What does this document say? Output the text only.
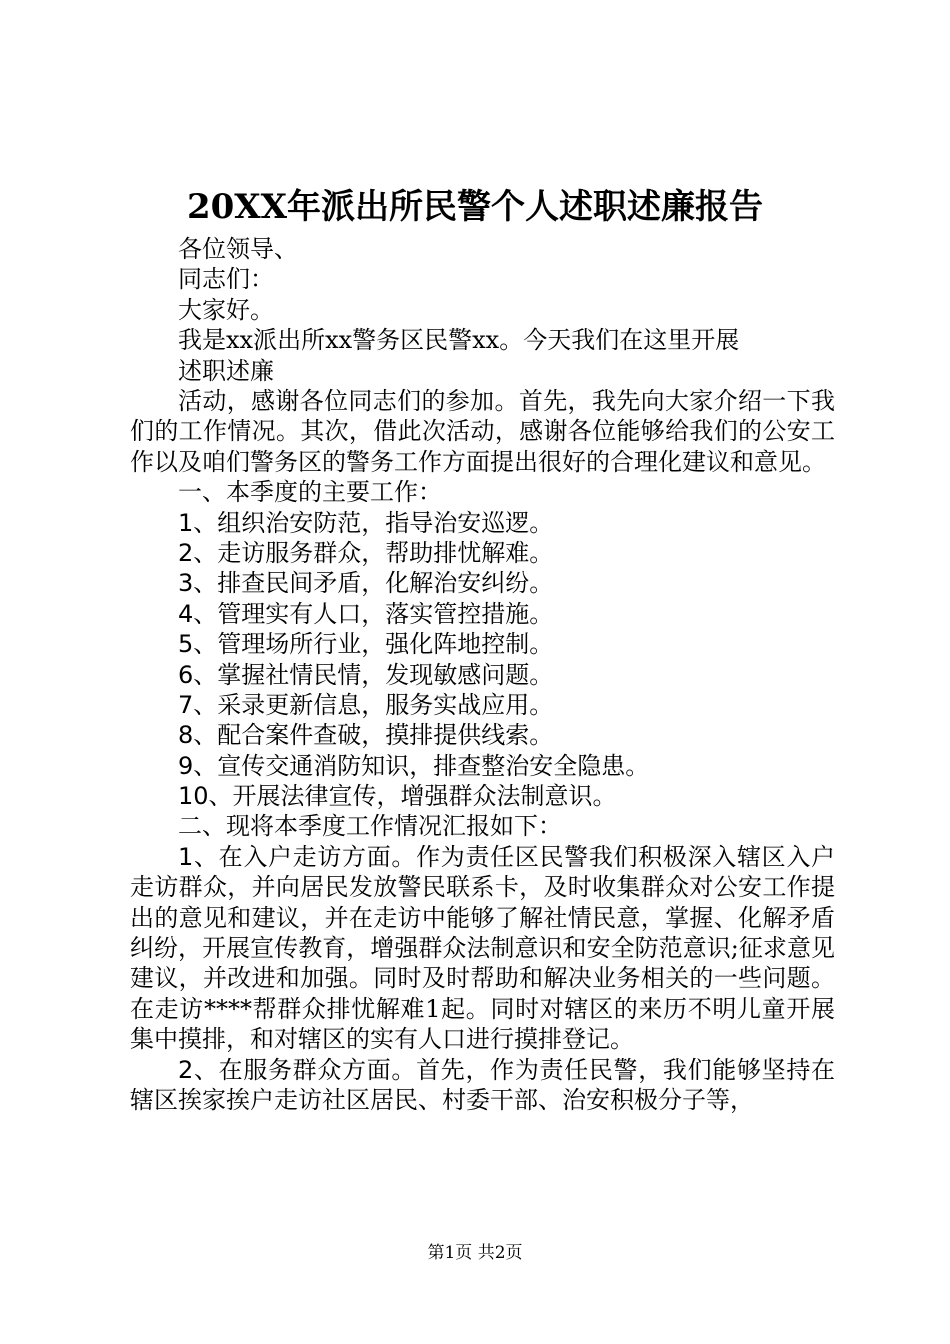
20XX年派出所民警个人述职述廉报告
各位领导、
同志们：
大家好。
我是xx派出所xx警务区民警xx。今天我们在这里开展
述职述廉
活动，感谢各位同志们的参加。首先，我先向大家介绍一下我们的工作情况。其次，借此次活动，感谢各位能够给我们的公安工作以及咱们警务区的警务工作方面提出很好的合理化建议和意见。
一、本季度的主要工作：
1、组织治安防范，指导治安巡逻。
2、走访服务群众，帮助排忧解难。
3、排查民间矛盾，化解治安纠纷。
4、管理实有人口，落实管控措施。
5、管理场所行业，强化阵地控制。
6、掌握社情民情，发现敏感问题。
7、采录更新信息，服务实战应用。
8、配合案件查破，摸排提供线索。
9、宣传交通消防知识，排查整治安全隐患。
10、开展法律宣传，增强群众法制意识。
二、现将本季度工作情况汇报如下：
1、在入户走访方面。作为责任区民警我们积极深入辖区入户走访群众，并向居民发放警民联系卡，及时收集群众对公安工作提出的意见和建议，并在走访中能够了解社情民意，掌握、化解矛盾纠纷，开展宣传教育，增强群众法制意识和安全防范意识;征求意见建议，并改进和加强。同时及时帮助和解决业务相关的一些问题。在走访****帮群众排忧解难1起。同时对辖区的来历不明儿童开展集中摸排，和对辖区的实有人口进行摸排登记。
2、在服务群众方面。首先，作为责任民警，我们能够坚持在辖区挨家挨户走访社区居民、村委干部、治安积极分子等，
第1页 共2页
